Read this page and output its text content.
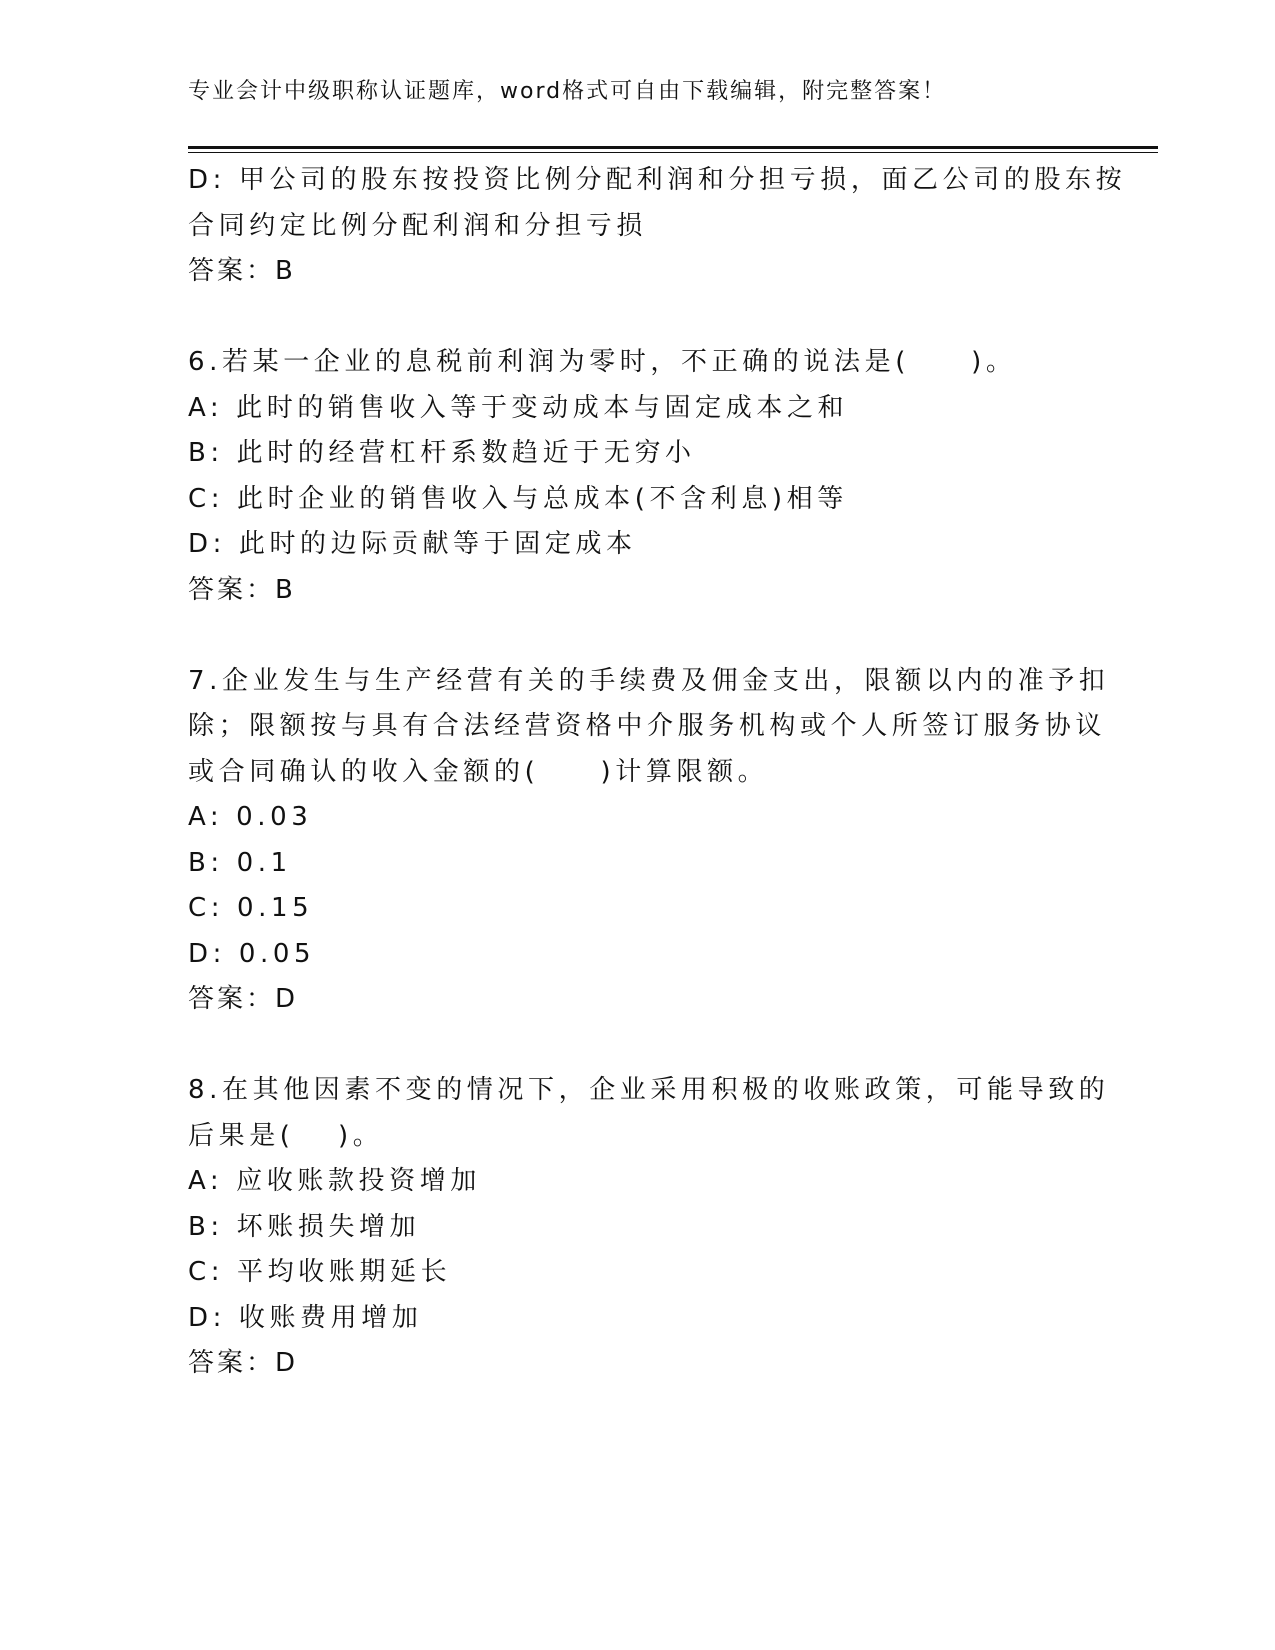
专业会计中级职称认证题库，word格式可自由下载编辑，附完整答案！
D: 甲公司的股东按投资比例分配利润和分担亏损，面乙公司的股东按
合同约定比例分配利润和分担亏损
答案：B
6.若某一企业的息税前利润为零时，不正确的说法是(　　)。
A: 此时的销售收入等于变动成本与固定成本之和
B: 此时的经营杠杆系数趋近于无穷小
C: 此时企业的销售收入与总成本(不含利息)相等
D: 此时的边际贡献等于固定成本
答案：B
7.企业发生与生产经营有关的手续费及佣金支出，限额以内的准予扣
除；限额按与具有合法经营资格中介服务机构或个人所签订服务协议
或合同确认的收入金额的(　　)计算限额。
A: 0.03
B: 0.1
C: 0.15
D: 0.05
答案：D
8.在其他因素不变的情况下，企业采用积极的收账政策，可能导致的
后果是(　 )。
A: 应收账款投资增加
B: 坏账损失增加
C: 平均收账期延长
D: 收账费用增加
答案：D
